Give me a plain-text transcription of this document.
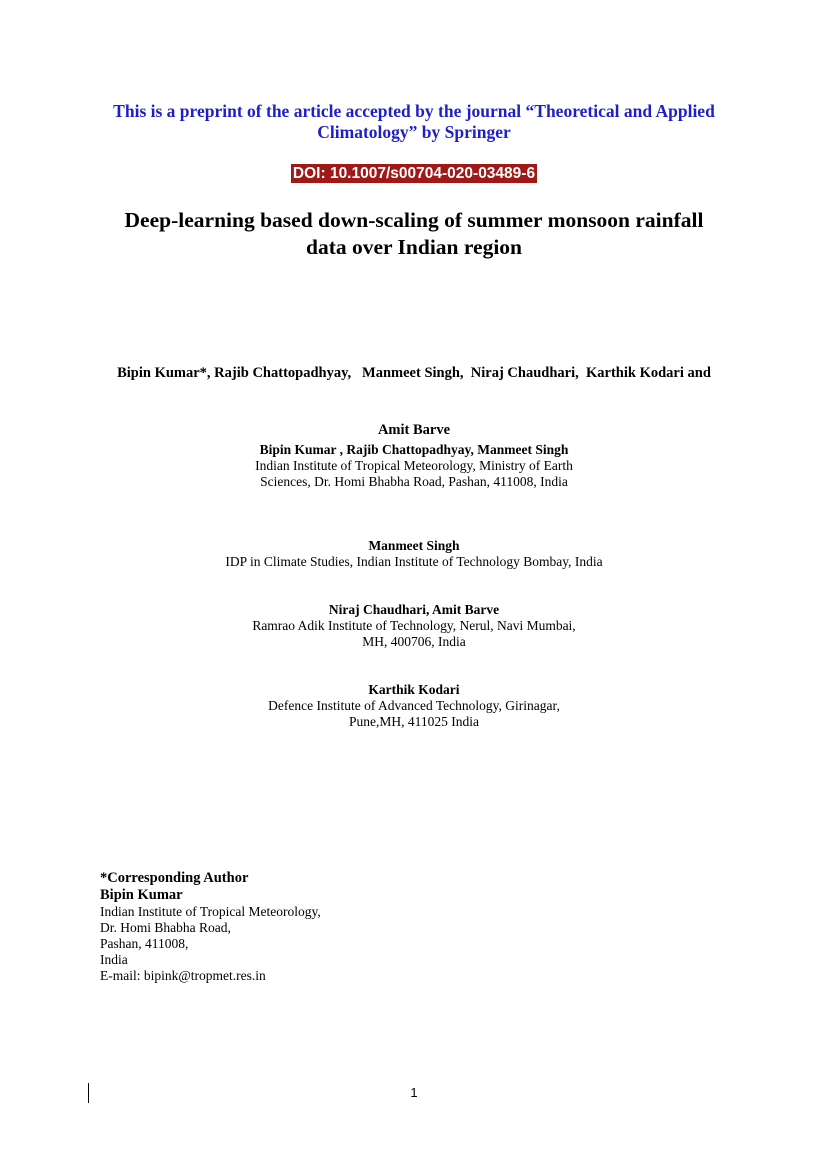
This is a preprint of the article accepted by the journal “Theoretical and Applied
Climatology” by Springer
DOI: 10.1007/s00704-020-03489-6
Deep-learning based down-scaling of summer monsoon rainfall
data over Indian region

Bipin Kumar*, Rajib Chattopadhyay,   Manmeet Singh,  Niraj Chaudhari,  Karthik Kodari and

Amit Barve

Bipin Kumar , Rajib Chattopadhyay, Manmeet Singh
Indian Institute of Tropical Meteorology, Ministry of Earth
Sciences, Dr. Homi Bhabha Road, Pashan, 411008, India
Manmeet Singh
IDP in Climate Studies, Indian Institute of Technology Bombay, India
Niraj Chaudhari, Amit Barve
Ramrao Adik Institute of Technology, Nerul, Navi Mumbai,
MH, 400706, India
Karthik Kodari
Defence Institute of Advanced Technology, Girinagar,
Pune,MH, 411025 India
*Corresponding Author
Bipin Kumar
Indian Institute of Tropical Meteorology,
Dr. Homi Bhabha Road,
Pashan, 411008,
India
E-mail: bipink@tropmet.res.in
1
